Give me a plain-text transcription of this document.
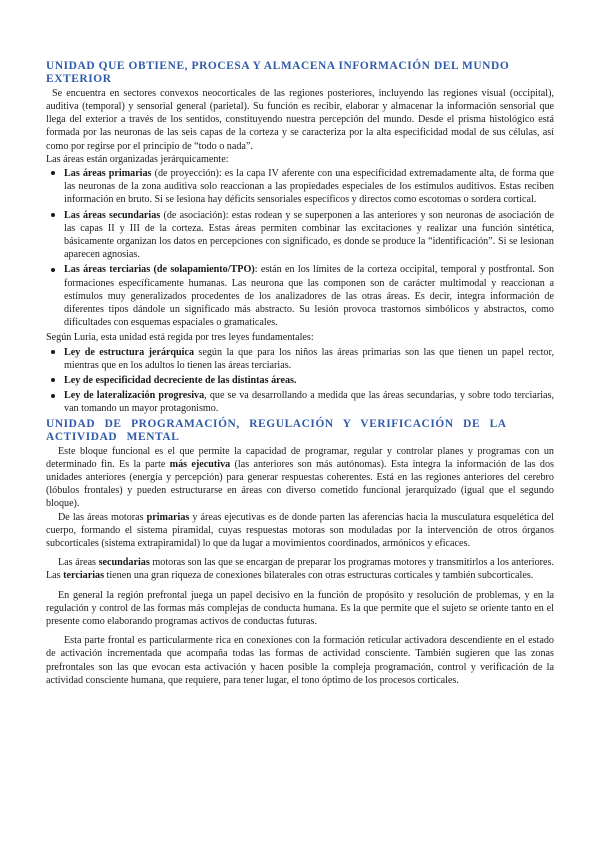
UNIDAD QUE OBTIENE, PROCESA Y ALMACENA INFORMACIÓN DEL MUNDO EXTERIOR

Se encuentra en sectores convexos neocorticales de las regiones posteriores, incluyendo las regiones visual (occipital), auditiva (temporal) y sensorial general (parietal). Su función es recibir, elaborar y almacenar la información sensorial que llega del exterior a través de los sentidos, constituyendo nuestra percepción del mundo. Desde el prisma histológico está formada por las neuronas de las seis capas de la corteza y se caracteriza por la alta especificidad modal de sus células, así como por regirse por el principio de “todo o nada”.

Las áreas están organizadas jerárquicamente:

Las áreas primarias (de proyección): es la capa IV aferente con una especificidad extremadamente alta, de forma que las neuronas de la zona auditiva solo reaccionan a las propiedades especiales de los estímulos auditivos. Estas reciben información en bruto. Si se lesiona hay déficits sensoriales específicos y directos como escotomas o sordera cortical.
Las áreas secundarias (de asociación): estas rodean y se superponen a las anteriores y son neuronas de asociación de las capas II y III de la corteza. Estas áreas permiten combinar las excitaciones y realizar una función sintética, básicamente organizan los datos en percepciones con significado, es donde se produce la “identificación”. Si se lesionan aparecen agnosias.
Las áreas terciarias (de solapamiento/TPO): están en los límites de la corteza occipital, temporal y postfrontal. Son formaciones específicamente humanas. Las neurona que las componen son de carácter multimodal y reaccionan a estímulos muy generalizados procedentes de los analizadores de las otras áreas. Es decir, integra información de diferentes tipos dándole un significado más abstracto. Su lesión provoca trastornos simbólicos y abstractos, como dificultades con esquemas espaciales o gramaticales.

Según Luria, esta unidad está regida por tres leyes fundamentales:

Ley de estructura jerárquica según la que para los niños las áreas primarias son las que tienen un papel rector, mientras que en los adultos lo tienen las áreas terciarias.
Ley de especificidad decreciente de las distintas áreas.
Ley de lateralización progresiva, que se va desarrollando a medida que las áreas secundarias, y sobre todo terciarias, van tomando un mayor protagonismo.
UNIDAD DE PROGRAMACIÓN, REGULACIÓN Y VERIFICACIÓN DE LA ACTIVIDAD MENTAL

Este bloque funcional es el que permite la capacidad de programar, regular y controlar planes y programas con un determinado fin. Es la parte más ejecutiva (las anteriores son más autónomas). Esta integra la información de las dos unidades anteriores (energía y percepción) para generar respuestas coherentes. Está en las regiones anteriores del cerebro (lóbulos frontales) y pueden estructurarse en áreas con diverso cometido funcional jerarquizado (igual que el segundo bloque).

De las áreas motoras primarias y áreas ejecutivas es de donde parten las aferencias hacia la musculatura esquelética del cuerpo, formando el sistema piramidal, cuyas respuestas motoras son moduladas por la intervención de otros órganos subcorticales (sistema extrapiramidal) lo que da lugar a movimientos coordinados, armónicos y eficaces.

Las áreas secundarias motoras son las que se encargan de preparar los programas motores y transmitirlos a los anteriores. Las terciarias tienen una gran riqueza de conexiones bilaterales con otras estructuras corticales y también subcorticales.

En general la región prefrontal juega un papel decisivo en la función de propósito y resolución de problemas, y en la regulación y control de las formas más complejas de conducta humana. Es la que permite que el sujeto se oriente tanto en el presente como elaborando programas activos de conductas futuras.

Esta parte frontal es particularmente rica en conexiones con la formación reticular activadora descendiente en el estado de activación incrementada que acompaña todas las formas de actividad consciente. También sugieren que las zonas prefrontales son las que evocan esta activación y hacen posible la compleja programación, control y verificación de la actividad consciente humana, que requiere, para tener lugar, el tono óptimo de los procesos corticales.
